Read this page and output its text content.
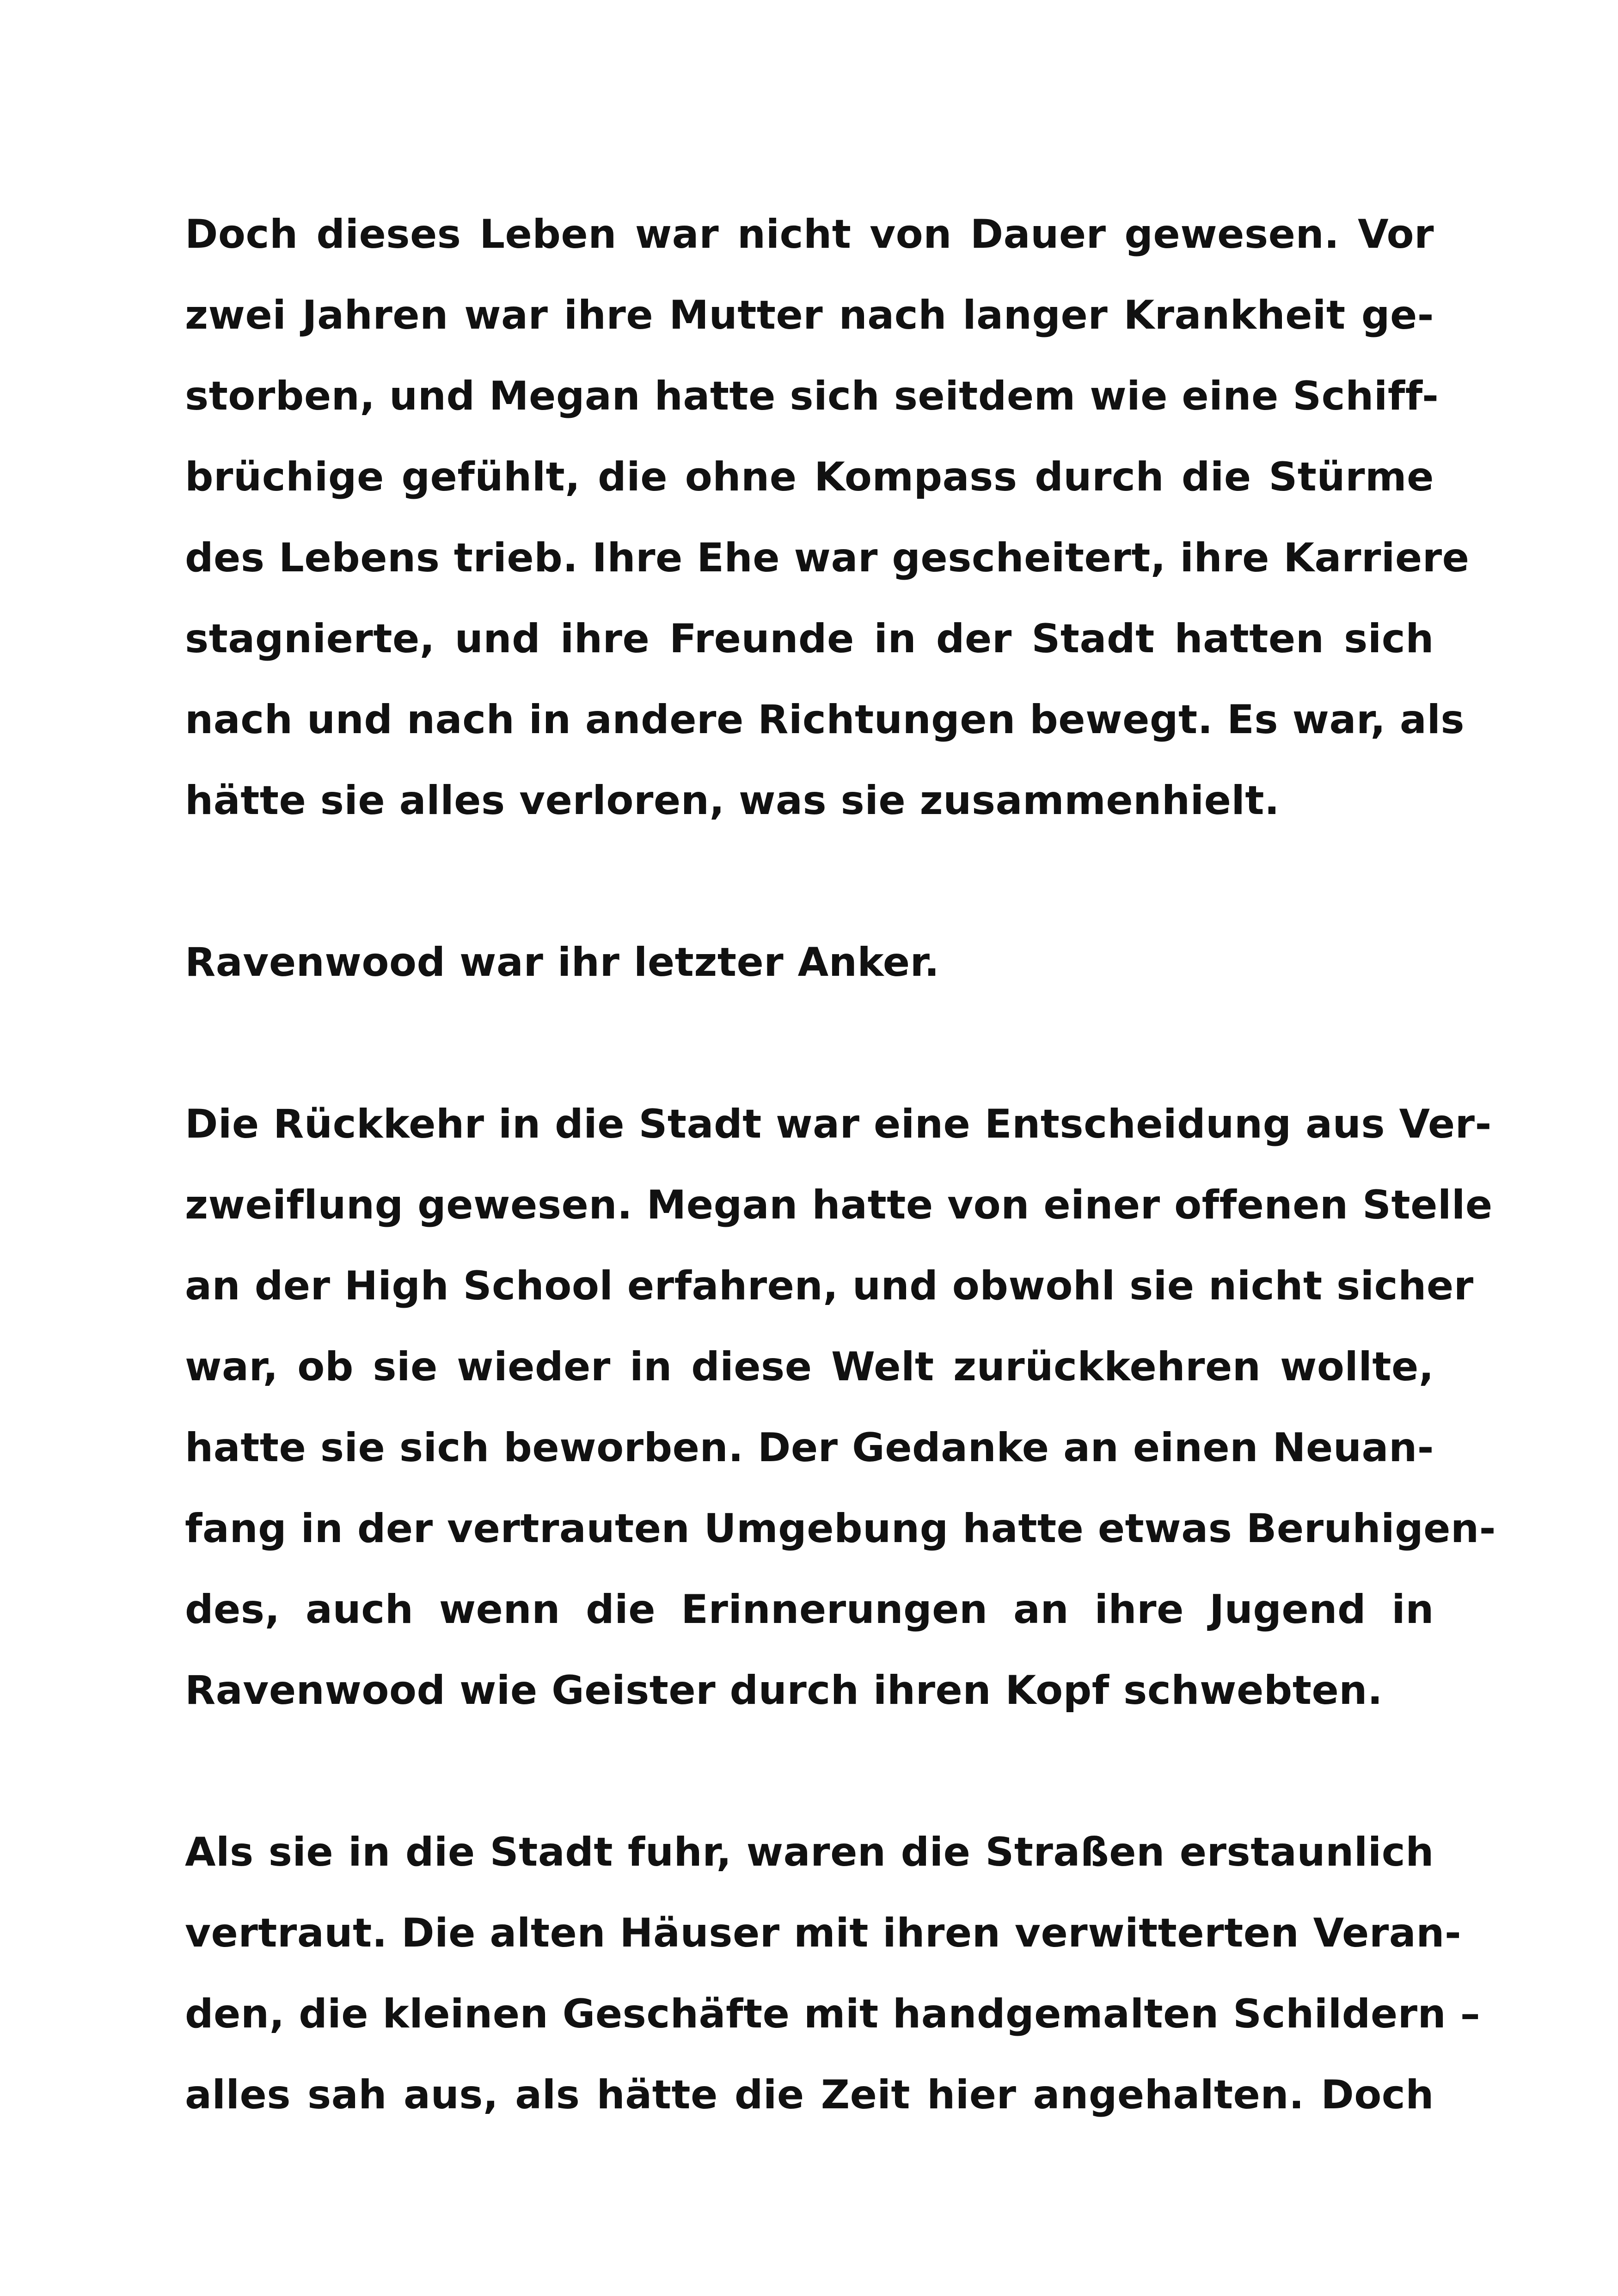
Doch dieses Leben war nicht von Dauer gewesen. Vor
zwei Jahren war ihre Mutter nach langer Krankheit ge-
storben, und Megan hatte sich seitdem wie eine Schiff-
brüchige gefühlt, die ohne Kompass durch die Stürme
des Lebens trieb. Ihre Ehe war gescheitert, ihre Karriere
stagnierte, und ihre Freunde in der Stadt hatten sich
nach und nach in andere Richtungen bewegt. Es war, als
hätte sie alles verloren, was sie zusammenhielt.

Ravenwood war ihr letzter Anker.

Die Rückkehr in die Stadt war eine Entscheidung aus Ver-
zweiflung gewesen. Megan hatte von einer offenen Stelle
an der High School erfahren, und obwohl sie nicht sicher
war, ob sie wieder in diese Welt zurückkehren wollte,
hatte sie sich beworben. Der Gedanke an einen Neuan-
fang in der vertrauten Umgebung hatte etwas Beruhigen-
des, auch wenn die Erinnerungen an ihre Jugend in
Ravenwood wie Geister durch ihren Kopf schwebten.

Als sie in die Stadt fuhr, waren die Straßen erstaunlich
vertraut. Die alten Häuser mit ihren verwitterten Veran-
den, die kleinen Geschäfte mit handgemalten Schildern –
alles sah aus, als hätte die Zeit hier angehalten. Doch
